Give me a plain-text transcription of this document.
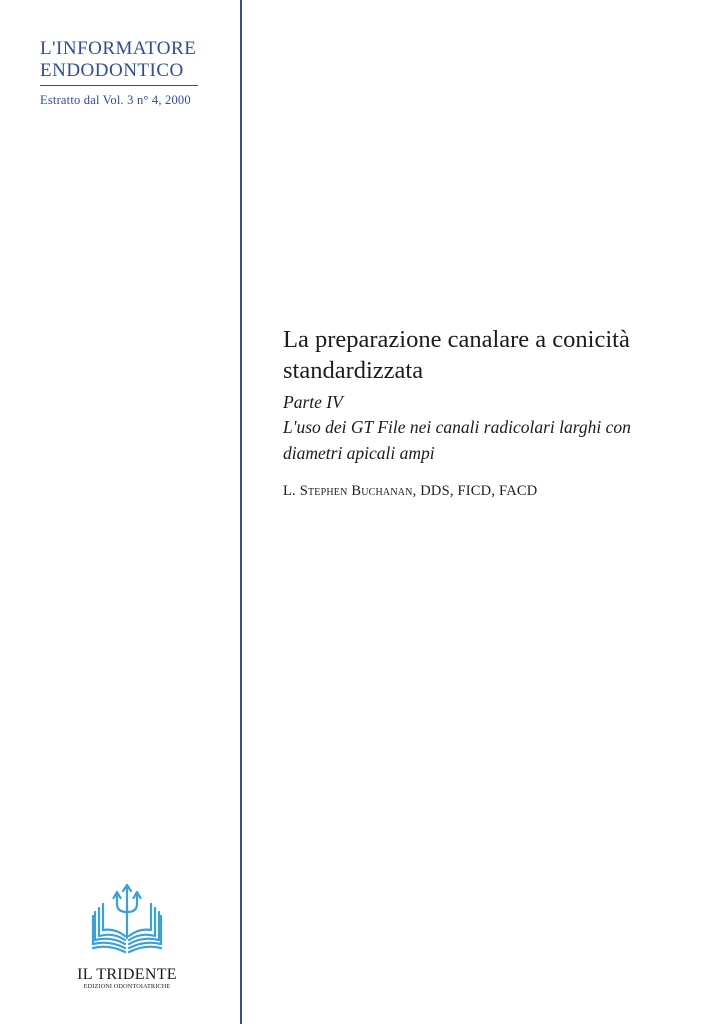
L'INFORMATORE
ENDODONTICO
Estratto dal Vol. 3 n° 4, 2000
La preparazione canalare a conicità
standardizzata
Parte IV
L'uso dei GT File nei canali radicolari larghi con
diametri apicali ampi
L. Stephen Buchanan, DDS, FICD, FACD
IL TRIDENTE
EDIZIONI ODONTOIATRICHE
